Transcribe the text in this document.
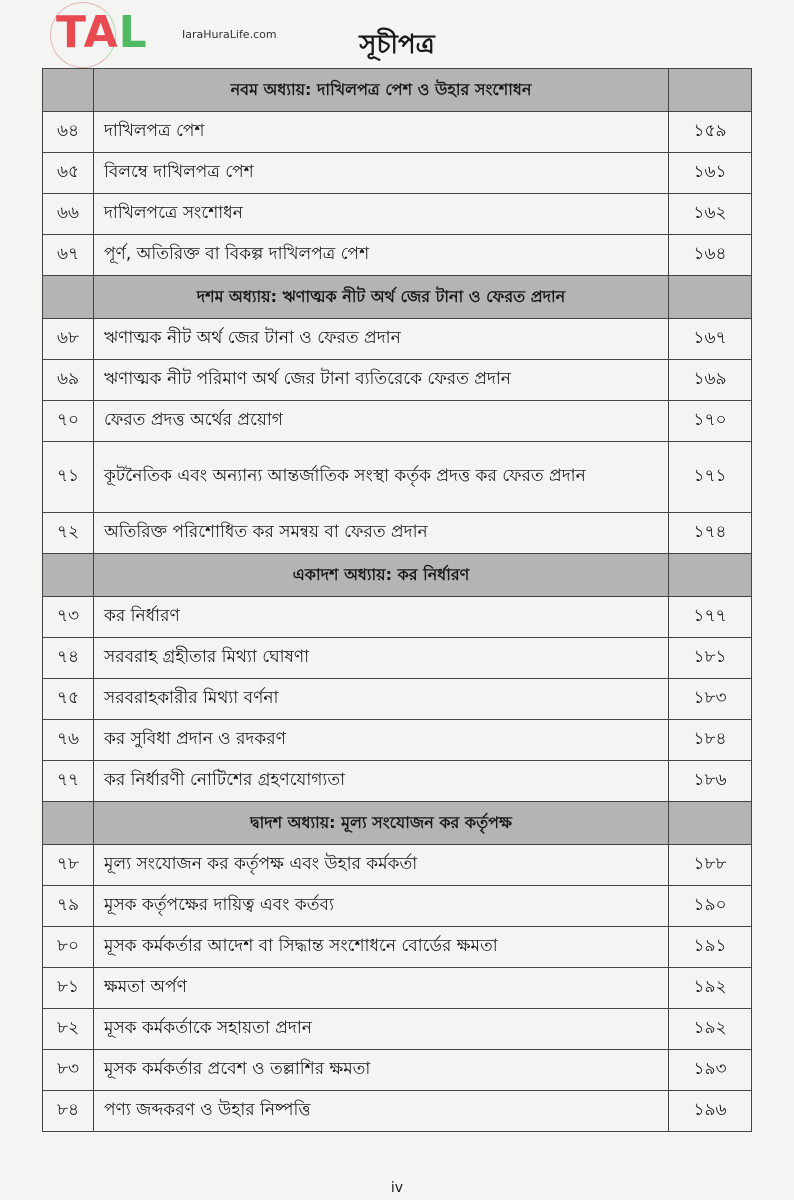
সূচীপত্র
TAL	IaraHuraLife.com
	নবম অধ্যায়: দাখিলপত্র পেশ ও উহার সংশোধন	
৬৪	দাখিলপত্র পেশ	১৫৯
৬৫	বিলম্বে দাখিলপত্র পেশ	১৬১
৬৬	দাখিলপত্রে সংশোধন	১৬২
৬৭	পূর্ণ, অতিরিক্ত বা বিকল্প দাখিলপত্র পেশ	১৬৪
	দশম অধ্যায়: ঋণাত্মক নীট অর্থ জের টানা ও ফেরত প্রদান	
৬৮	ঋণাত্মক নীট অর্থ জের টানা ও ফেরত প্রদান	১৬৭
৬৯	ঋণাত্মক নীট পরিমাণ অর্থ জের টানা ব্যতিরেকে ফেরত প্রদান	১৬৯
৭০	ফেরত প্রদত্ত অর্থের প্রয়োগ	১৭০
৭১	কূটনৈতিক এবং অন্যান্য আন্তর্জাতিক সংস্থা কর্তৃক প্রদত্ত কর ফেরত প্রদান	১৭১
৭২	অতিরিক্ত পরিশোধিত কর সমন্বয় বা ফেরত প্রদান	১৭৪
	একাদশ অধ্যায়: কর নির্ধারণ	
৭৩	কর নির্ধারণ	১৭৭
৭৪	সরবরাহ গ্রহীতার মিথ্যা ঘোষণা	১৮১
৭৫	সরবরাহকারীর মিথ্যা বর্ণনা	১৮৩
৭৬	কর সুবিধা প্রদান ও রদকরণ	১৮৪
৭৭	কর নির্ধারণী নোটিশের গ্রহণযোগ্যতা	১৮৬
	দ্বাদশ অধ্যায়: মূল্য সংযোজন কর কর্তৃপক্ষ	
৭৮	মূল্য সংযোজন কর কর্তৃপক্ষ এবং উহার কর্মকর্তা	১৮৮
৭৯	মূসক কর্তৃপক্ষের দায়িত্ব এবং কর্তব্য	১৯০
৮০	মূসক কর্মকর্তার আদেশ বা সিদ্ধান্ত সংশোধনে বোর্ডের ক্ষমতা	১৯১
৮১	ক্ষমতা অর্পণ	১৯২
৮২	মূসক কর্মকর্তাকে সহায়তা প্রদান	১৯২
৮৩	মূসক কর্মকর্তার প্রবেশ ও তল্লাশির ক্ষমতা	১৯৩
৮৪	পণ্য জব্দকরণ ও উহার নিষ্পত্তি	১৯৬
iv
